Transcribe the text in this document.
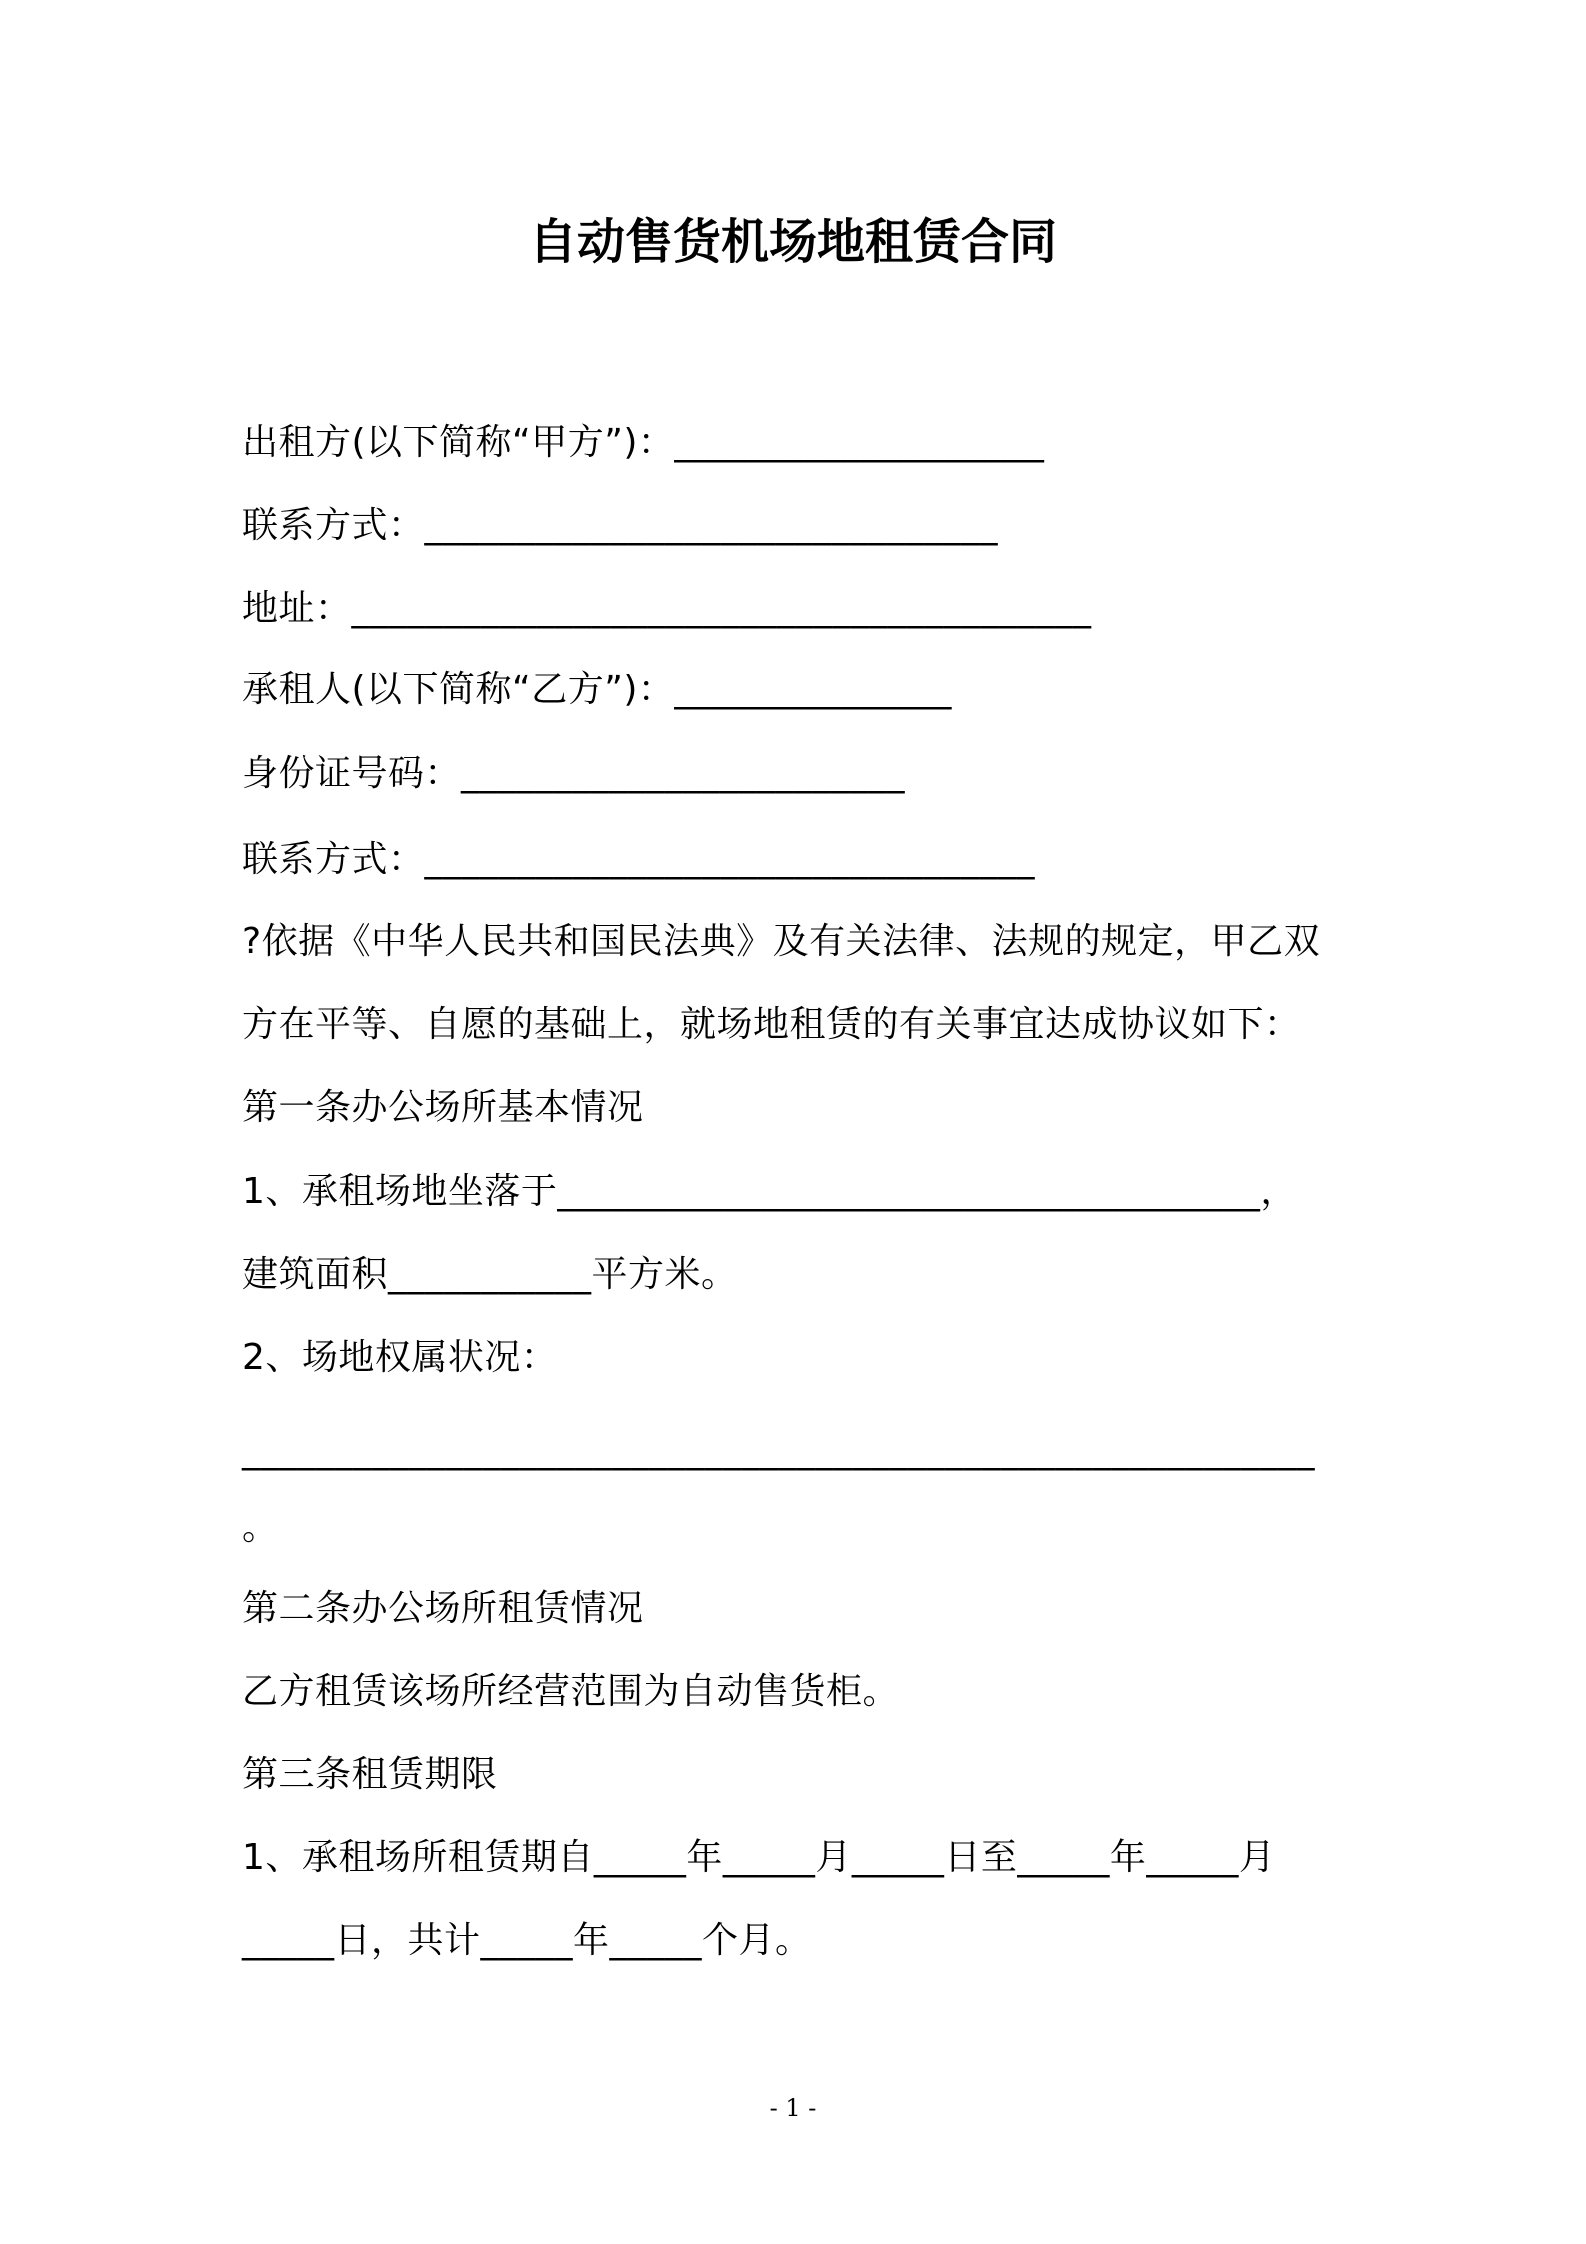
自动售货机场地租赁合同
出租方(以下简称“甲方”)：____________________
联系方式：_______________________________
地址：________________________________________
承租人(以下简称“乙方”)：_______________
身份证号码：________________________
联系方式：_________________________________
?依据《中华人民共和国民法典》及有关法律、法规的规定，甲乙双
方在平等、自愿的基础上，就场地租赁的有关事宜达成协议如下：
第一条办公场所基本情况
1、承租场地坐落于______________________________________，
建筑面积___________平方米。
2、场地权属状况：
__________________________________________________________
。
第二条办公场所租赁情况
乙方租赁该场所经营范围为自动售货柜。
第三条租赁期限
1、承租场所租赁期自_____年_____月_____日至_____年_____月
_____日，共计_____年_____个月。
- 1 -
